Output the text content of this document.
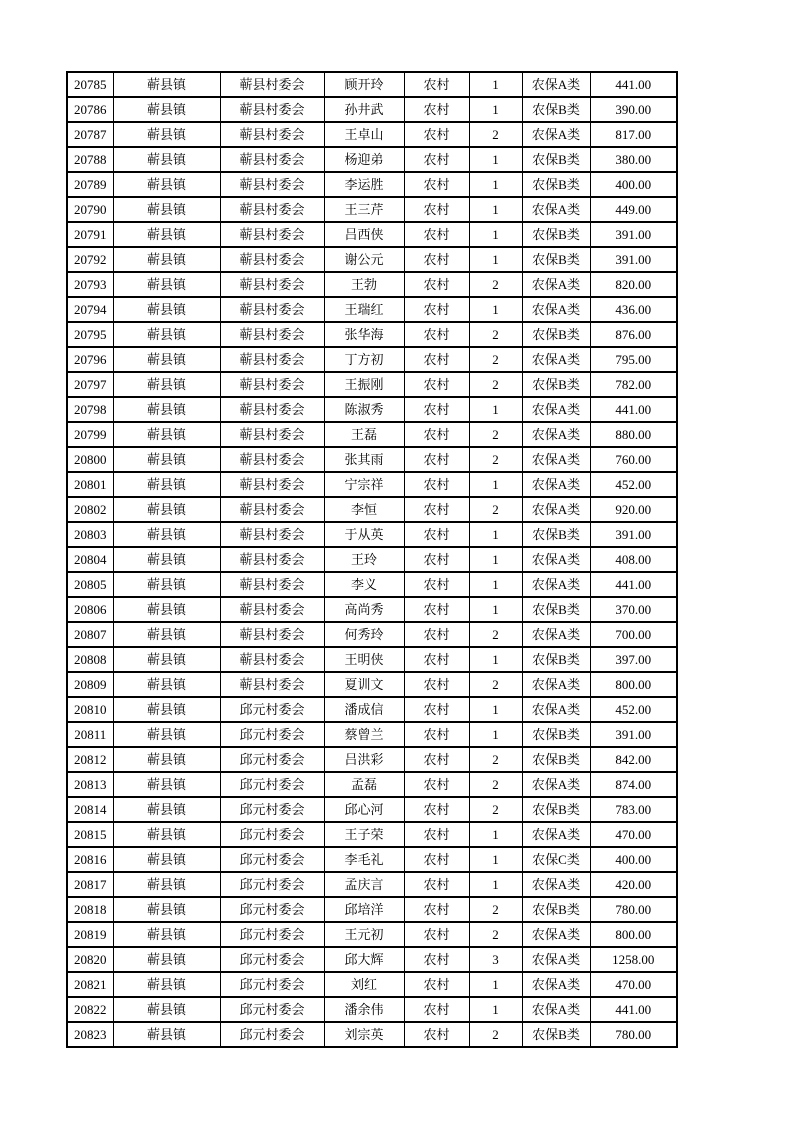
20785	蕲县镇	蕲县村委会	顾开玲	农村	1	农保A类	441.00
20786	蕲县镇	蕲县村委会	孙井武	农村	1	农保B类	390.00
20787	蕲县镇	蕲县村委会	王卓山	农村	2	农保A类	817.00
20788	蕲县镇	蕲县村委会	杨迎弟	农村	1	农保B类	380.00
20789	蕲县镇	蕲县村委会	李运胜	农村	1	农保B类	400.00
20790	蕲县镇	蕲县村委会	王三芹	农村	1	农保A类	449.00
20791	蕲县镇	蕲县村委会	吕西侠	农村	1	农保B类	391.00
20792	蕲县镇	蕲县村委会	谢公元	农村	1	农保B类	391.00
20793	蕲县镇	蕲县村委会	王勃	农村	2	农保A类	820.00
20794	蕲县镇	蕲县村委会	王瑞红	农村	1	农保A类	436.00
20795	蕲县镇	蕲县村委会	张华海	农村	2	农保B类	876.00
20796	蕲县镇	蕲县村委会	丁方初	农村	2	农保A类	795.00
20797	蕲县镇	蕲县村委会	王振刚	农村	2	农保B类	782.00
20798	蕲县镇	蕲县村委会	陈淑秀	农村	1	农保A类	441.00
20799	蕲县镇	蕲县村委会	王磊	农村	2	农保A类	880.00
20800	蕲县镇	蕲县村委会	张其雨	农村	2	农保A类	760.00
20801	蕲县镇	蕲县村委会	宁宗祥	农村	1	农保A类	452.00
20802	蕲县镇	蕲县村委会	李恒	农村	2	农保A类	920.00
20803	蕲县镇	蕲县村委会	于从英	农村	1	农保B类	391.00
20804	蕲县镇	蕲县村委会	王玲	农村	1	农保A类	408.00
20805	蕲县镇	蕲县村委会	李义	农村	1	农保A类	441.00
20806	蕲县镇	蕲县村委会	高尚秀	农村	1	农保B类	370.00
20807	蕲县镇	蕲县村委会	何秀玲	农村	2	农保A类	700.00
20808	蕲县镇	蕲县村委会	王明侠	农村	1	农保B类	397.00
20809	蕲县镇	蕲县村委会	夏训文	农村	2	农保A类	800.00
20810	蕲县镇	邱元村委会	潘成信	农村	1	农保A类	452.00
20811	蕲县镇	邱元村委会	蔡曾兰	农村	1	农保B类	391.00
20812	蕲县镇	邱元村委会	吕洪彩	农村	2	农保B类	842.00
20813	蕲县镇	邱元村委会	孟磊	农村	2	农保A类	874.00
20814	蕲县镇	邱元村委会	邱心河	农村	2	农保B类	783.00
20815	蕲县镇	邱元村委会	王子荣	农村	1	农保A类	470.00
20816	蕲县镇	邱元村委会	李毛礼	农村	1	农保C类	400.00
20817	蕲县镇	邱元村委会	孟庆言	农村	1	农保A类	420.00
20818	蕲县镇	邱元村委会	邱培洋	农村	2	农保B类	780.00
20819	蕲县镇	邱元村委会	王元初	农村	2	农保A类	800.00
20820	蕲县镇	邱元村委会	邱大辉	农村	3	农保A类	1258.00
20821	蕲县镇	邱元村委会	刘红	农村	1	农保A类	470.00
20822	蕲县镇	邱元村委会	潘余伟	农村	1	农保A类	441.00
20823	蕲县镇	邱元村委会	刘宗英	农村	2	农保B类	780.00
